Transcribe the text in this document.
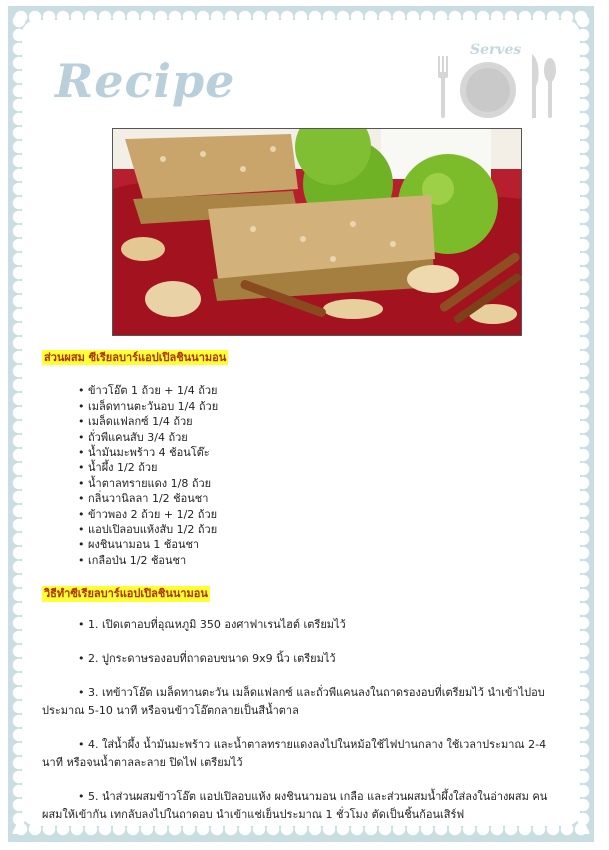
Recipe
Serves
ส่วนผสม ซีเรียลบาร์แอปเปิลชินนามอน
• ข้าวโอ๊ต 1 ถ้วย + 1/4 ถ้วย
• เมล็ดทานตะวันอบ 1/4 ถ้วย
• เมล็ดแฟลกซ์ 1/4 ถ้วย
• ถั่วพีแคนสับ 3/4 ถ้วย
• น้ำมันมะพร้าว 4 ช้อนโต๊ะ
• น้ำผึ้ง 1/2 ถ้วย
• น้ำตาลทรายแดง 1/8 ถ้วย
• กลิ่นวานิลลา 1/2 ช้อนชา
• ข้าวพอง 2 ถ้วย + 1/2 ถ้วย
• แอปเปิลอบแห้งสับ 1/2 ถ้วย
• ผงชินนามอน 1 ช้อนชา
• เกลือป่น 1/2 ช้อนชา
วิธีทำซีเรียลบาร์แอปเปิลชินนามอน

• 1. เปิดเตาอบที่อุณหภูมิ 350 องศาฟาเรนไฮต์ เตรียมไว้

• 2. ปูกระดาษรองอบที่ถาดอบขนาด 9x9 นิ้ว เตรียมไว้

• 3. เทข้าวโอ๊ต เมล็ดทานตะวัน เมล็ดแฟลกซ์ และถั่วพีแคนลงในถาดรองอบที่เตรียมไว้ นำเข้าไปอบประมาณ 5-10 นาที หรือจนข้าวโอ๊ตกลายเป็นสีน้ำตาล

• 4. ใส่น้ำผึ้ง น้ำมันมะพร้าว และน้ำตาลทรายแดงลงไปในหม้อใช้ไฟปานกลาง ใช้เวลาประมาณ 2-4 นาที หรือจนน้ำตาลละลาย ปิดไฟ เตรียมไว้

• 5. นำส่วนผสมข้าวโอ๊ต แอปเปิลอบแห้ง ผงชินนามอน เกลือ และส่วนผสมน้ำผึ้งใส่ลงในอ่างผสม คนผสมให้เข้ากัน เทกลับลงไปในถาดอบ นำเข้าแช่เย็นประมาณ 1 ชั่วโมง ตัดเป็นชิ้นก้อนเสิร์ฟ
